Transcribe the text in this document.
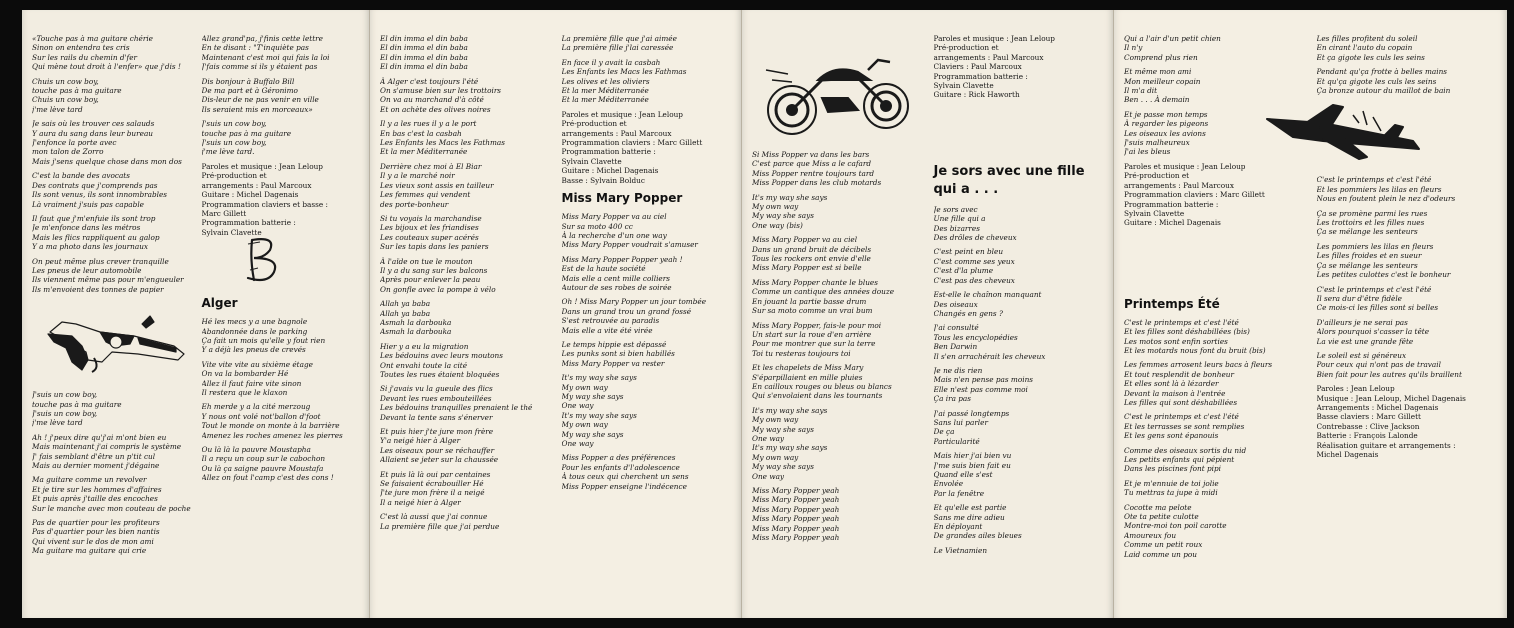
«Touche pas à ma guitare chérie
Sinon on entendra tes cris
Sur les rails du chemin d'fer
Qui mène tout droit à l'enfer» que j'dis !
Chuis un cow boy,
touche pas à ma guitare
Chuis un cow boy,
j'me lève tard
Je sais où les trouver ces salauds
Y aura du sang dans leur bureau
J'enfonce la porte avec
mon talon de Zorro
Mais j'sens quelque chose dans mon dos
C'est la bande des avocats
Des contrats que j'comprends pas
Ils sont venus, ils sont innombrables
Là vraiment j'suis pas capable
Il faut que j'm'enfuie ils sont trop
Je m'enfonce dans les métros
Mais les flics rappliquent au galop
Y a ma photo dans les journaux
On peut même plus crever tranquille
Les pneus de leur automobile
Ils viennent même pas pour m'engueuler
Ils m'envoient des tonnes de papier
J'suis un cow boy,
touche pas à ma guitare
J'suis un cow boy,
j'me lève tard
Ah ! j'peux dire qu'j'ai m'ont bien eu
Mais maintenant j'ai compris le système
J' fais semblant d'être un p'tit cul
Mais au dernier moment j'dégaine
Ma guitare comme un revolver
Et je tire sur les hommes d'affaires
Et puis après j'taille des encoches
Sur le manche avec mon couteau de poche
Pas de quartier pour les profiteurs
Pas d'quartier pour les bien nantis
Qui vivent sur le dos de mon ami
Ma guitare ma guitare qui crie
Allez grand'pa, j'finis cette lettre
En te disant : "T'inquiète pas
Maintenant c'est moi qui fais la loi
J'fais comme si ils y étaient pas
Dis bonjour à Buffalo Bill
De ma part et à Géronimo
Dis-leur de ne pas venir en ville
Ils seraient mis en morceaux»
J'suis un cow boy,
touche pas à ma guitare
J'suis un cow boy,
j'me lève tard.
Paroles et musique : Jean Leloup
Pré-production et
arrangements : Paul Marcoux
Guitare : Michel Dagenais
Programmation claviers et basse :
Marc Gillett
Programmation batterie :
Sylvain Clavette
Alger
Hé les mecs y a une bagnole
Abandonnée dans le parking
Ça fait un mois qu'elle y fout rien
Y a déjà les pneus de crevés
Vite vite vite au sixième étage
On va la bombarder Hé
Allez il faut faire vite sinon
Il restera que le klaxon
Eh merde y a la cité merzoug
Y nous ont volé not'ballon d'foot
Tout le monde on monte à la barrière
Amenez les roches amenez les pierres
Ou là là la pauvre Moustapha
Il a reçu un coup sur le cabochon
Ou là ça saigne pauvre Moustafa
Allez on fout l'camp c'est des cons !
El din imma el din baba
El din imma el din baba
El din imma el din baba
El din imma el din baba
À Alger c'est toujours l'été
On s'amuse bien sur les trottoirs
On va au marchand d'à côté
Et on achète des olives noires
Il y a les rues il y a le port
En bas c'est la casbah
Les Enfants les Macs les Fathmas
Et la mer Méditerranée
Derrière chez moi à El Biar
Il y a le marché noir
Les vieux sont assis en tailleur
Les femmes qui vendent
des porte-bonheur
Si tu voyais la marchandise
Les bijoux et les friandises
Les couteaux super acérés
Sur les tapis dans les paniers
À l'aïde on tue le mouton
Il y a du sang sur les balcons
Après pour enlever la peau
On gonfle avec la pompe à vélo
Allah ya baba
Allah ya baba
Asmah la darbouka
Asmah la darbouka
Hier y a eu la migration
Les bédouins avec leurs moutons
Ont envahi toute la cité
Toutes les rues étaient bloquées
Si j'avais vu la gueule des flics
Devant les rues embouteillées
Les bédouins tranquilles prenaient le thé
Devant la tente sans s'énerver
Et puis hier j'te jure mon frère
Y'a neigé hier à Alger
Les oiseaux pour se réchauffer
Allaient se jeter sur la chaussée
Et puis là là oui par centaines
Se faisaient écrabouiller Hé
J'te jure mon frère il a neigé
Il a neigé hier à Alger
C'est là aussi que j'ai connue
La première fille que j'ai perdue
La première fille que j'ai aimée
La première fille j'lai caressée
En face il y avait la casbah
Les Enfants les Macs les Fathmas
Les olives et les oliviers
Et la mer Méditerranée
Et la mer Méditerranée
Paroles et musique : Jean Leloup
Pré-production et
arrangements : Paul Marcoux
Programmation claviers : Marc Gillett
Programmation batterie :
Sylvain Clavette
Guitare : Michel Dagenais
Basse : Sylvain Bolduc
Miss Mary Popper
Miss Mary Popper va au ciel
Sur sa moto 400 cc
À la recherche d'un one way
Miss Mary Popper voudrait s'amuser
Miss Mary Popper Popper yeah !
Est de la haute société
Mais elle a cent mille colliers
Autour de ses robes de soirée
Oh ! Miss Mary Popper un jour tombée
Dans un grand trou un grand fossé
S'est retrouvée au paradis
Mais elle a vite été virée
Le temps hippie est dépassé
Les punks sont si bien habillés
Miss Mary Popper va rester
It's my way she says
My own way
My way she says
One way
It's my way she says
My own way
My way she says
One way
Miss Popper a des préférences
Pour les enfants d'l'adolescence
À tous ceux qui cherchent un sens
Miss Popper enseigne l'indécence
Si Miss Popper va dans les bars
C'est parce que Miss a le cafard
Miss Popper rentre toujours tard
Miss Popper dans les club motards
It's my way she says
My own way
My way she says
One way (bis)
Miss Mary Popper va au ciel
Dans un grand bruit de décibels
Tous les rockers ont envie d'elle
Miss Mary Popper est si belle
Miss Mary Popper chante le blues
Comme un cantique des années douze
En jouant la partie basse drum
Sur sa moto comme un vrai bum
Miss Mary Popper, fais-le pour moi
Un start sur la roue d'en arrière
Pour me montrer que sur la terre
Toi tu resteras toujours toi
Et les chapelets de Miss Mary
S'éparpillaient en mille pluies
En cailloux rouges ou bleus ou blancs
Qui s'envolaient dans les tournants
It's my way she says
My own way
My way she says
One way
It's my way she says
My own way
My way she says
One way
Miss Mary Popper yeah
Miss Mary Popper yeah
Miss Mary Popper yeah
Miss Mary Popper yeah
Miss Mary Popper yeah
Miss Mary Popper yeah
Paroles et musique : Jean Leloup
Pré-production et
arrangements : Paul Marcoux
Claviers : Paul Marcoux
Programmation batterie :
Sylvain Clavette
Guitare : Rick Haworth
Je sors avec une fille qui a . . .
Je sors avec
Une fille qui a
Des bizarres
Des drôles de cheveux
C'est peint en bleu
C'est comme ses yeux
C'est d'la plume
C'est pas des cheveux
Est-elle le chaînon manquant
Des oiseaux
Changés en gens ?
J'ai consulté
Tous les encyclopédies
Ben Darwin
Il s'en arrachérait les cheveux
Je ne dis rien
Mais n'en pense pas moins
Elle n'est pas comme moi
Ça ira pas
J'ai passé longtemps
Sans lui parler
De ça
Particularité
Mais hier j'ai bien vu
J'me suis bien fait eu
Quand elle s'est
Envolée
Par la fenêtre
Et qu'elle est partie
Sans me dire adieu
En déployant
De grandes ailes bleues
Le Vietnamien
Qui a l'air d'un petit chien
Il n'y
Comprend plus rien
Et même mon ami
Mon meilleur copain
Il m'a dit
Ben . . . À demain
Et je passe mon temps
À regarder les pigeons
Les oiseaux les avions
J'suis malheureux
J'ai les bleus
Paroles et musique : Jean Leloup
Pré-production et
arrangements : Paul Marcoux
Programmation claviers : Marc Gillett
Programmation batterie :
Sylvain Clavette
Guitare : Michel Dagenais
Printemps Été
C'est le printemps et c'est l'été
Et les filles sont déshabillées (bis)
Les motos sont enfin sorties
Et les motards nous font du bruit (bis)
Les femmes arrosent leurs bacs à fleurs
Et tout resplendit de bonheur
Et elles sont là à lézarder
Devant la maison à l'entrée
Les filles qui sont déshabillées
C'est le printemps et c'est l'été
Et les terrasses se sont remplies
Et les gens sont épanouis
Comme des oiseaux sortis du nid
Les petits enfants qui pépient
Dans les piscines font pipi
Et je m'ennuie de toi jolie
Tu mettras ta jupe à midi
Cocotte ma pelote
Ote ta petite culotte
Montre-moi ton poil carotte
Amoureux fou
Comme un petit roux
Laid comme un pou
Les filles profitent du soleil
En cirant l'auto du copain
Et ça gigote les culs les seins
Pendant qu'ça frotte à belles mains
Et qu'ça gigote les culs les seins
Ça bronze autour du maillot de bain
C'est le printemps et c'est l'été
Et les pommiers les lilas en fleurs
Nous en foutent plein le nez d'odeurs
Ça se promène parmi les rues
Les trottoirs et les filles nues
Ça se mélange les senteurs
Les pommiers les lilas en fleurs
Les filles froides et en sueur
Ça se mélange les senteurs
Les petites culottes c'est le bonheur
C'est le printemps et c'est l'été
Il sera dur d'être fidèle
Ce mois-ci les filles sont si belles
D'ailleurs je ne serai pas
Alors pourquoi s'casser la tête
La vie est une grande fête
Le soleil est si généreux
Pour ceux qui n'ont pas de travail
Bien fait pour les autres qu'ils braillent
Paroles : Jean Leloup
Musique : Jean Leloup, Michel Dagenais
Arrangements : Michel Dagenais
Basse claviers : Marc Gillett
Contrebasse : Clive Jackson
Batterie : François Lalonde
Réalisation guitare et arrangements :
Michel Dagenais
